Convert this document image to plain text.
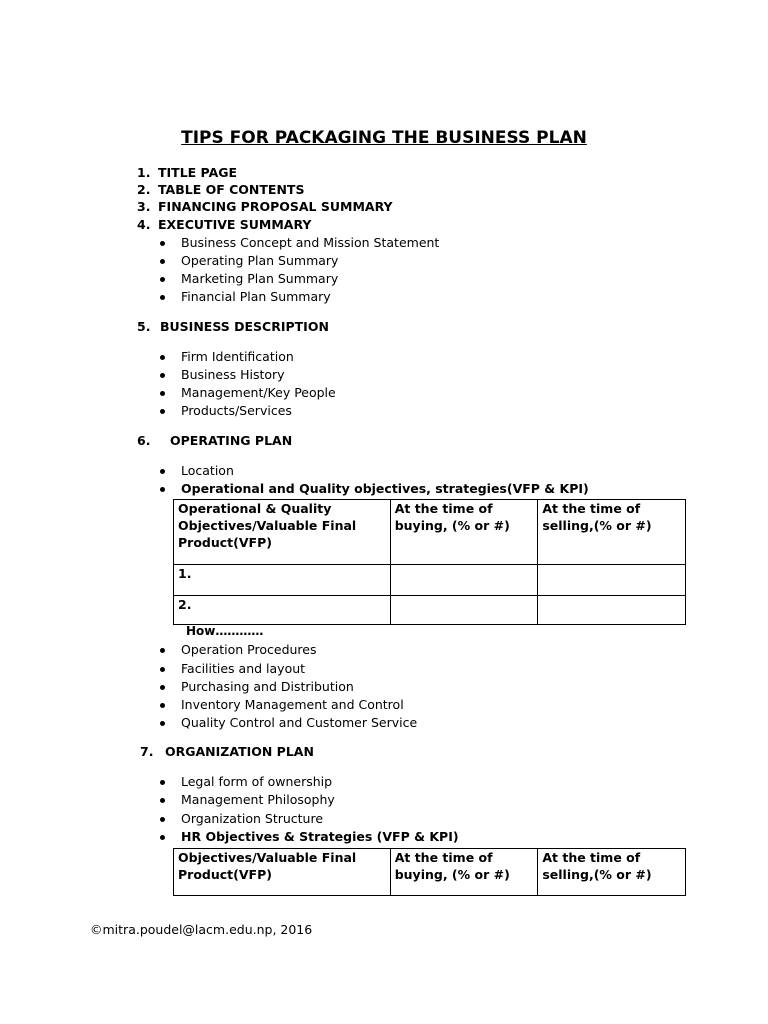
TIPS FOR PACKAGING THE BUSINESS PLAN
1. TITLE PAGE
2. TABLE OF CONTENTS
3. FINANCING PROPOSAL SUMMARY
4. EXECUTIVE SUMMARY
Business Concept and Mission Statement
Operating Plan Summary
Marketing Plan Summary
Financial Plan Summary
5. BUSINESS DESCRIPTION
Firm Identification
Business History
Management/Key People
Products/Services
6. OPERATING PLAN
Location
Operational and Quality objectives, strategies(VFP & KPI)
Operational & Quality Objectives/Valuable Final Product(VFP)	At the time of buying, (% or #)	At the time of selling,(% or #)
1.		
2.		
How…………
Operation Procedures
Facilities and layout
Purchasing and Distribution
Inventory Management and Control
Quality Control and Customer Service
7. ORGANIZATION PLAN
Legal form of ownership
Management Philosophy
Organization Structure
HR Objectives & Strategies (VFP & KPI)
Objectives/Valuable Final Product(VFP)	At the time of buying, (% or #)	At the time of selling,(% or #)
©mitra.poudel@lacm.edu.np, 2016
